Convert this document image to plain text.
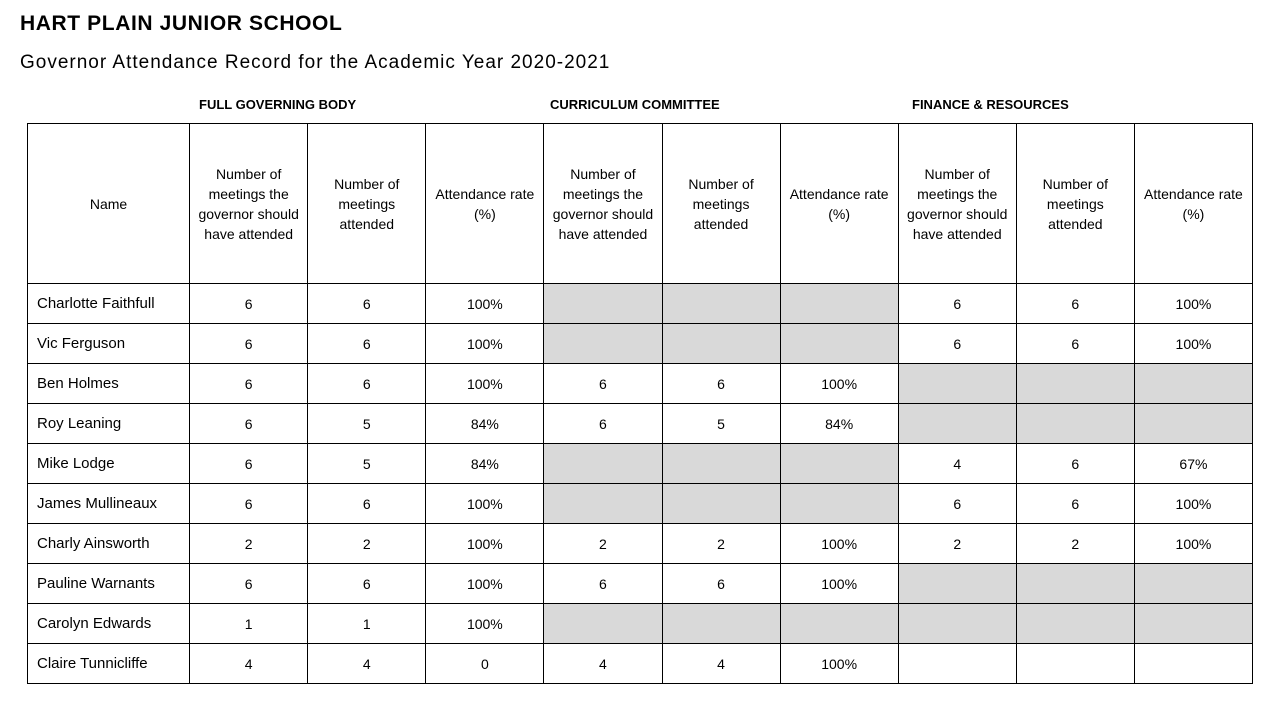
HART PLAIN JUNIOR SCHOOL
Governor Attendance Record for the Academic Year 2020-2021
FULL GOVERNING BODY	CURRICULUM COMMITTEE	FINANCE & RESOURCES
Name	Number of meetings the governor should have attended	Number of meetings attended	Attendance rate (%)	Number of meetings the governor should have attended	Number of meetings attended	Attendance rate (%)	Number of meetings the governor should have attended	Number of meetings attended	Attendance rate (%)
Charlotte Faithfull	6	6	100%				6	6	100%
Vic Ferguson	6	6	100%				6	6	100%
Ben Holmes	6	6	100%	6	6	100%			
Roy Leaning	6	5	84%	6	5	84%			
Mike Lodge	6	5	84%				4	6	67%
James Mullineaux	6	6	100%				6	6	100%
Charly Ainsworth	2	2	100%	2	2	100%	2	2	100%
Pauline Warnants	6	6	100%	6	6	100%			
Carolyn Edwards	1	1	100%						
Claire Tunnicliffe	4	4	0	4	4	100%			
